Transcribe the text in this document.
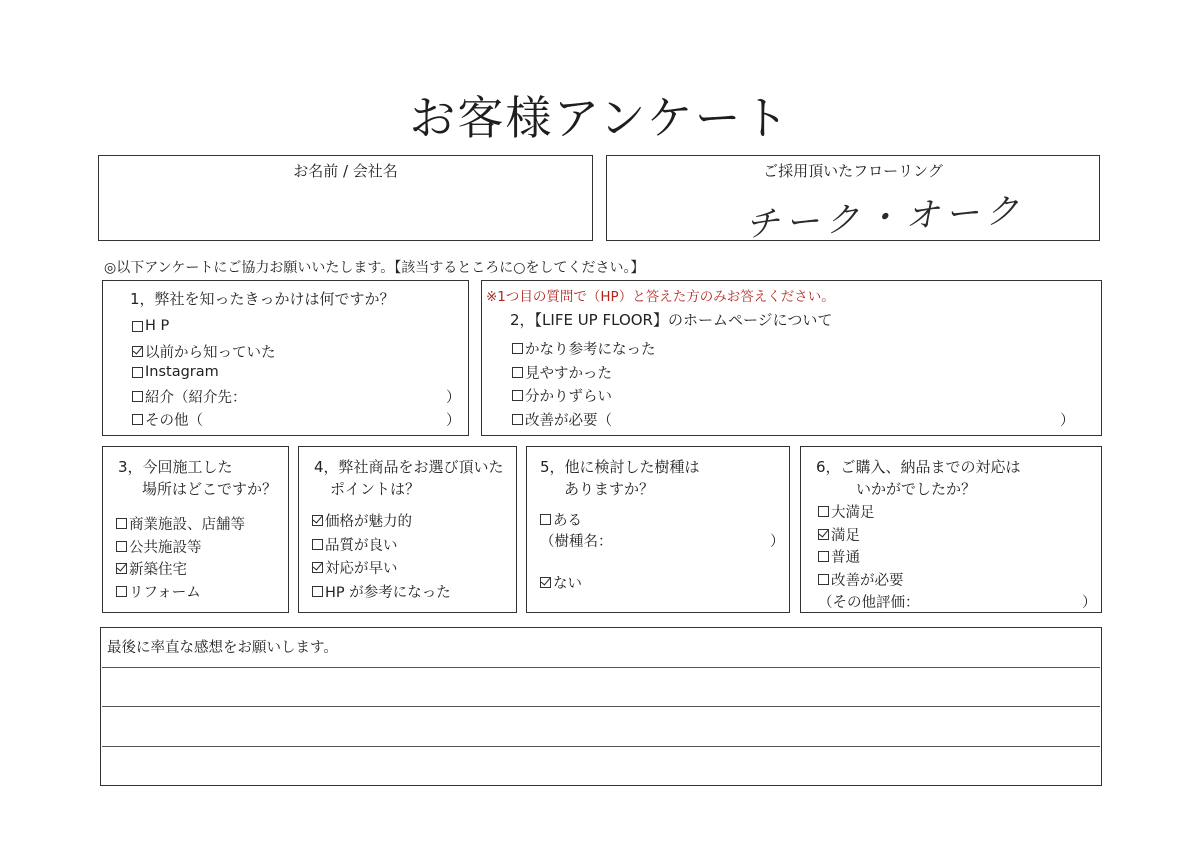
お客様アンケート
お名前 / 会社名	ご採用頂いたフローリング
チーク・オーク
◎以下アンケートにご協力お願いいたします。【該当するところに○をしてください。】
1，弊社を知ったきっかけは何ですか？
H P
以前から知っていた
Instagram
紹介（紹介先：	）
その他（	）
※1つ目の質問で（HP）と答えた方のみお答えください。
2，【LIFE UP FLOOR】のホームページについて
かなり参考になった
見やすかった
分かりずらい
改善が必要（	）
3，今回施工した
場所はどこですか？
商業施設、店舗等
公共施設等
新築住宅
リフォーム
4，弊社商品をお選び頂いた
ポイントは？
価格が魅力的
品質が良い
対応が早い
HP が参考になった
5，他に検討した樹種は
ありますか？
ある
（樹種名：	）
ない
6，ご購入、納品までの対応は
いかがでしたか？
大満足
満足
普通
改善が必要
（その他評価：	）
最後に率直な感想をお願いします。
